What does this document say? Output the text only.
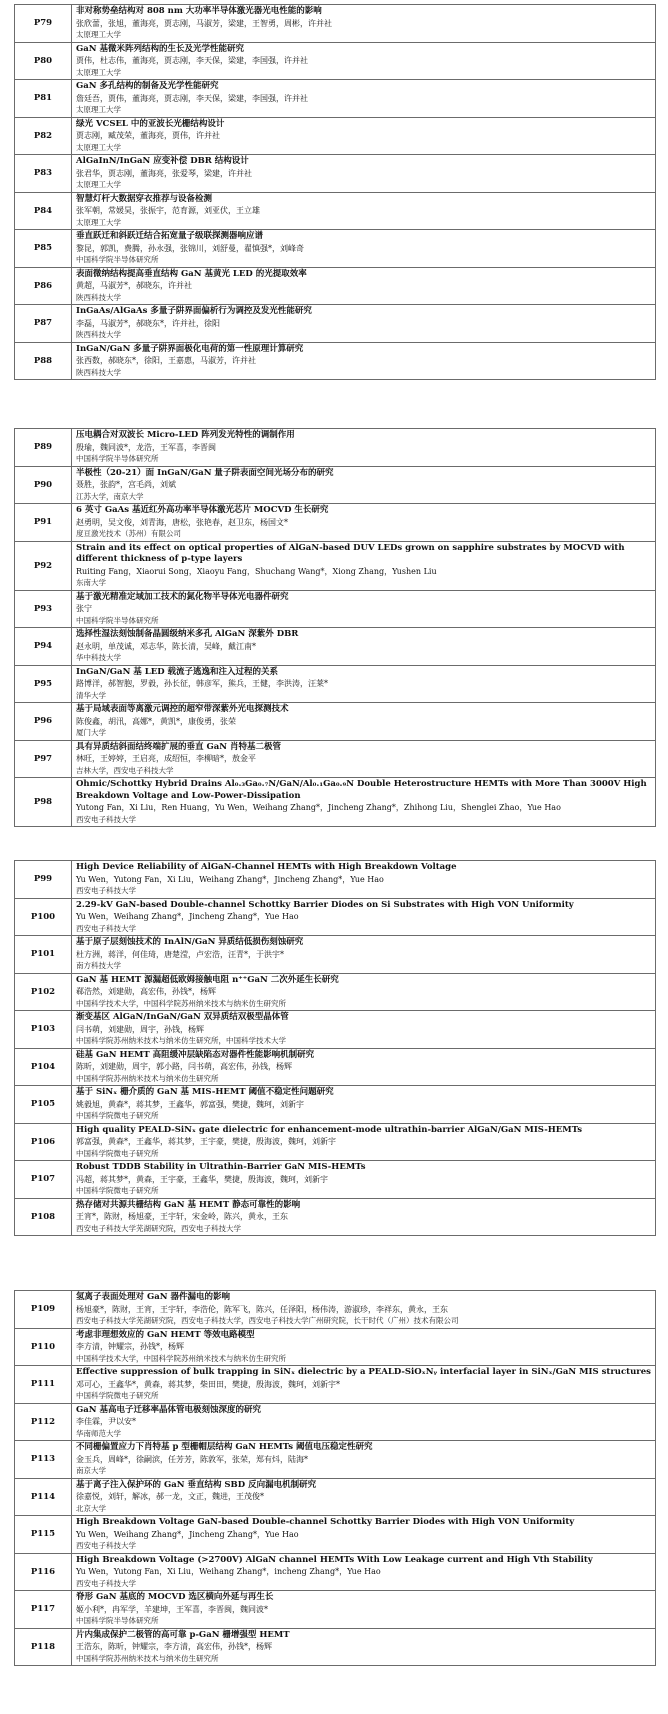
P79	非对称势垒结构对 808 nm 大功率半导体激光器光电性能的影响
张欣蕾，张旭，董海亮，贾志刚，马淑芳，梁建，王智勇，周彬，许并社
太原理工大学

P80	GaN 基微米阵列结构的生长及光学性能研究
贾伟，杜志伟，董海亮，贾志刚，李天保，梁建，李国强，许并社
太原理工大学

P81	GaN 多孔结构的制备及光学性能研究
詹廷吾，贾伟，董海亮，贾志刚，李天保，梁建，李国强，许并社
太原理工大学

P82	绿光 VCSEL 中的亚波长光栅结构设计
贾志刚，臧茂荣，董海亮，贾伟，许并社
太原理工大学

P83	AlGaInN/InGaN 应变补偿 DBR 结构设计
张君华，贾志刚，董海亮，张爱琴，梁建，许并社
太原理工大学

P84	智慧灯杆大数据穿衣推荐与设备检测
张军朝，常媛昊，张振宇，范育源，刘亚伏，王立雄
太原理工大学

P85	垂直跃迁和斜跃迁结合拓宽量子级联探测器响应谱
黎昆，郭凯，费腾，孙永强，张锦川，刘舒曼，翟慎强*，刘峰奇
中国科学院半导体研究所

P86	表面微纳结构提高垂直结构 GaN 基黄光 LED 的光提取效率
黄超，马淑芳*，郝晓东，许并社
陕西科技大学

P87	InGaAs/AlGaAs 多量子阱界面偏析行为调控及发光性能研究
李磊，马淑芳*，郝晓东*，许并社，徐阳
陕西科技大学

P88	InGaN/GaN 多量子阱界面极化电荷的第一性原理计算研究
张西数，郝晓东*，徐阳，王嘉惠，马淑芳，许并社
陕西科技大学
P89	压电耦合对双波长 Micro-LED 阵列发光特性的调制作用
殷瑜，魏同波*，龙浩，王军喜，李晋闽
中国科学院半导体研究所

P90	半极性（20-21）面 InGaN/GaN 量子阱表面空间光场分布的研究
聂胜，张韵*，宫毛尚，刘斌
江苏大学，南京大学

P91	6 英寸 GaAs 基近红外高功率半导体激光芯片 MOCVD 生长研究
赵勇明，吴文俊，刘青海，唐松，张艳春，赵卫东，杨国文*
度亘激光技术（苏州）有限公司

P92	Strain and its effect on optical properties of AlGaN-based DUV LEDs grown on sapphire substrates by MOCVD with different thickness of p-type layers
Ruiting Fang，Xiaorui Song，Xiaoyu Fang，Shuchang Wang*，Xiong Zhang，Yushen Liu
东南大学

P93	基于激光精准定域加工技术的氮化物半导体光电器件研究
张宁
中国科学院半导体研究所

P94	选择性湿法刻蚀制备晶圆级纳米多孔 AlGaN 深紫外 DBR
赵永明，单茂诚，邓志华，陈长清，吴峰，戴江南*
华中科技大学

P95	InGaN/GaN 基 LED 载流子逃逸和注入过程的关系
路博洋，郝智胞，罗毅，孙长征，韩彦军，熊兵，王健，李洪涛，汪莱*
清华大学

P96	基于局域表面等离激元调控的超窄带深紫外光电探测技术
陈俊鑫，胡汛，高娜*，黄凯*，康俊勇，张荣
厦门大学

P97	具有异质结斜面结终端扩展的垂直 GaN 肖特基二极管
林旺，王婷婷，王启亮，成绍恒，李柳暗*，敖金平
吉林大学，西安电子科技大学

P98	Ohmic/Schottky Hybrid Drains Al₀.₃Ga₀.₇N/GaN/Al₀.₁Ga₀.₉N Double Heterostructure HEMTs with More Than 3000V High Breakdown Voltage and Low-Power-Dissipation
Yutong Fan，Xi Liu，Ren Huang，Yu Wen，Weihang Zhang*，Jincheng Zhang*，Zhihong Liu，Shenglei Zhao，Yue Hao
西安电子科技大学
P99	High Device Reliability of AlGaN-Channel HEMTs with High Breakdown Voltage
Yu Wen，Yutong Fan，Xi Liu，Weihang Zhang*，Jincheng Zhang*，Yue Hao
西安电子科技大学

P100	2.29-kV GaN-based Double-channel Schottky Barrier Diodes on Si Substrates with High VON Uniformity
Yu Wen，Weihang Zhang*，Jincheng Zhang*，Yue Hao
西安电子科技大学

P101	基于原子层刻蚀技术的 InAlN/GaN 异质结低损伤刻蚀研究
杜方洲，蒋洋，何佳琦，唐楚滢，卢宏浩，汪青*，于洪宇*
南方科技大学

P102	GaN 基 HEMT 源漏超低欧姆接触电阻 n⁺⁺GaN 二次外延生长研究
郗浩然，刘建勋，高宏伟，孙钱*，杨辉
中国科学技术大学，中国科学院苏州纳米技术与纳米仿生研究所

P103	渐变基区 AlGaN/InGaN/GaN 双异质结双极型晶体管
闫书萌，刘建勋，周宇，孙钱，杨辉
中国科学院苏州纳米技术与纳米仿生研究所，中国科学技术大学

P104	硅基 GaN HEMT 高阻缓冲层缺陷态对器件性能影响机制研究
陈昕，刘建勋，周宇，郭小路，闫书萌，高宏伟，孙钱，杨辉
中国科学院苏州纳米技术与纳米仿生研究所

P105	基于 SiNₓ 栅介质的 GaN 基 MIS-HEMT 阈值不稳定性问题研究
姚毅旭，黄森*，蒋其梦，王鑫华，郭富强，樊捷，魏珂，刘新宇
中国科学院微电子研究所

P106	High quality PEALD-SiNₓ gate dielectric for enhancement-mode ultrathin-barrier AlGaN/GaN MIS-HEMTs
郭富强，黄森*，王鑫华，蒋其梦，王宇豪，樊捷，殷海波，魏珂，刘新宇
中国科学院微电子研究所

P107	Robust TDDB Stability in Ultrathin-Barrier GaN MIS-HEMTs
冯超，蒋其梦*，黄森，王宇豪，王鑫华，樊捷，殷海波，魏珂，刘新宇
中国科学院微电子研究所

P108	热存储对共源共栅结构 GaN 基 HEMT 静态可靠性的影响
王宵*，陈财，杨旭豪，王宇轩，宋金岭，陈兴，黄永，王东
西安电子科技大学芜湖研究院，西安电子科技大学
P109	氢离子表面处理对 GaN 器件漏电的影响
杨旭豪*，陈财，王宵，王宇轩，李浩伦，陈军飞，陈兴，任泽阳，杨伟涛，游淑珍，李祥东，黄永，王东
西安电子科技大学芜湖研究院，西安电子科技大学，西安电子科技大学广州研究院，长干时代（广州）技术有限公司

P110	考虑非理想效应的 GaN HEMT 等效电路模型
李方清，钟耀宗，孙钱*，杨辉
中国科学技术大学，中国科学院苏州纳米技术与纳米仿生研究所

P111	Effective suppression of bulk trapping in SiNₓ dielectric by a PEALD-SiOₓNᵧ interfacial layer in SiNₓ/GaN MIS structures
邓可心，王鑫华*，黄森，蒋其梦，柴田田，樊捷，殷海波，魏珂，刘新宇*
中国科学院微电子研究所

P112	GaN 基高电子迁移率晶体管电极刻蚀深度的研究
李佳霖，尹以安*
华南师范大学

P113	不同栅偏置应力下肖特基 p 型栅帽层结构 GaN HEMTs 阈值电压稳定性研究
金玉兵，周峰*，徐嗣滨，任芳芳，陈敦军，张荣，郑有炓，陆海*
南京大学

P114	基于离子注入保护环的 GaN 垂直结构 SBD 反向漏电机制研究
徐嘉悦，刘轩，解冰，郝一龙，文正，魏进，王茂俊*
北京大学

P115	High Breakdown Voltage GaN-based Double-channel Schottky Barrier Diodes with High VON Uniformity
Yu Wen，Weihang Zhang*，Jincheng Zhang*，Yue Hao
西安电子科技大学

P116	High Breakdown Voltage (>2700V) AlGaN channel HEMTs With Low Leakage current and High Vth Stability
Yu Wen，Yutong Fan，Xi Liu，Weihang Zhang*，incheng Zhang*，Yue Hao
西安电子科技大学

P117	脊形 GaN 基底的 MOCVD 选区横向外延与再生长
姬小利*，冉军学，羊建坤，王军喜，李晋闽，魏同波*
中国科学院半导体研究所

P118	片内集成保护二极管的高可靠 p-GaN 栅增强型 HEMT
王浩东，陈昕，钟耀宗，李方清，高宏伟，孙钱*，杨辉
中国科学院苏州纳米技术与纳米仿生研究所
